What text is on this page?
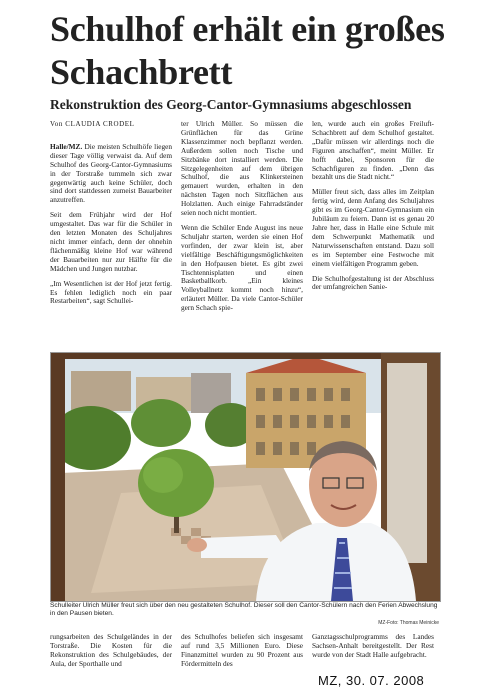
Schulhof erhält ein großes Schachbrett
Rekonstruktion des Georg-Cantor-Gymnasiums abgeschlossen

Von CLAUDIA CRODEL

Halle/MZ. Die meisten Schulhöfe liegen dieser Tage völlig verwaist da. Auf dem Schulhof des Georg-Cantor-Gymnasiums in der Torstraße tummeln sich zwar gegenwärtig auch keine Schüler, doch sind dort stattdessen zumeist Bauarbeiter anzutreffen.

Seit dem Frühjahr wird der Hof umgestaltet. Das war für die Schüler in den letzten Monaten des Schuljahres nicht immer einfach, denn der ohnehin flächenmäßig kleine Hof war während der Bauarbeiten nur zur Hälfte für die Mädchen und Jungen nutzbar.

„Im Wesentlichen ist der Hof jetzt fertig. Es fehlen lediglich noch ein paar Restarbeiten“, sagt Schullei-

ter Ulrich Müller. So müssen die Grünflächen für das Grüne Klassenzimmer noch bepflanzt werden. Außerdem sollen noch Tische und Sitzbänke dort installiert werden. Die Sitzgelegenheiten auf dem übrigen Schulhof, die aus Klinkersteinen gemauert wurden, erhalten in den nächsten Tagen noch Sitzflächen aus Holzlatten. Auch einige Fahrradständer seien noch nicht montiert.

Wenn die Schüler Ende August ins neue Schuljahr starten, werden sie einen Hof vorfinden, der zwar klein ist, aber vielfältige Beschäftigungsmöglichkeiten in den Hofpausen bietet. Es gibt zwei Tischtennisplatten und einen Basketballkorb. „Ein kleines Volleyballnetz kommt noch hinzu“, erläutert Müller. Da viele Cantor-Schüler gern Schach spie-

len, wurde auch ein großes Freiluft-Schachbrett auf dem Schulhof gestaltet. „Dafür müssen wir allerdings noch die Figuren anschaffen“, meint Müller. Er hofft dabei, Sponsoren für die Schachfiguren zu finden. „Denn das bezahlt uns die Stadt nicht.“

Müller freut sich, dass alles im Zeitplan fertig wird, denn Anfang des Schuljahres gibt es im Georg-Cantor-Gymnasium ein Jubiläum zu feiern. Dann ist es genau 20 Jahre her, dass in Halle eine Schule mit dem Schwerpunkt Mathematik und Naturwissenschaften entstand. Dazu soll es im September eine Festwoche mit einem vielfältigen Programm geben.

Die Schulhofgestaltung ist der Abschluss der umfangreichen Sanie-

Schulleiter Ulrich Müller freut sich über den neu gestalteten Schulhof. Dieser soll den Cantor-Schülern nach den Ferien Abwechslung in den Pausen bieten.
MZ-Foto: Thomas Meinicke
rungsarbeiten des Schulgeländes in der Torstraße. Die Kosten für die Rekonstruktion des Schulgebäudes, der Aula, der Sporthalle und
des Schulhofes beliefen sich insgesamt auf rund 3,5 Millionen Euro. Diese Finanzmittel wurden zu 90 Prozent aus Fördermitteln des
Ganztagsschulprogramms des Landes Sachsen-Anhalt bereitgestellt. Der Rest wurde von der Stadt Halle aufgebracht.
MZ, 30. 07. 2008
